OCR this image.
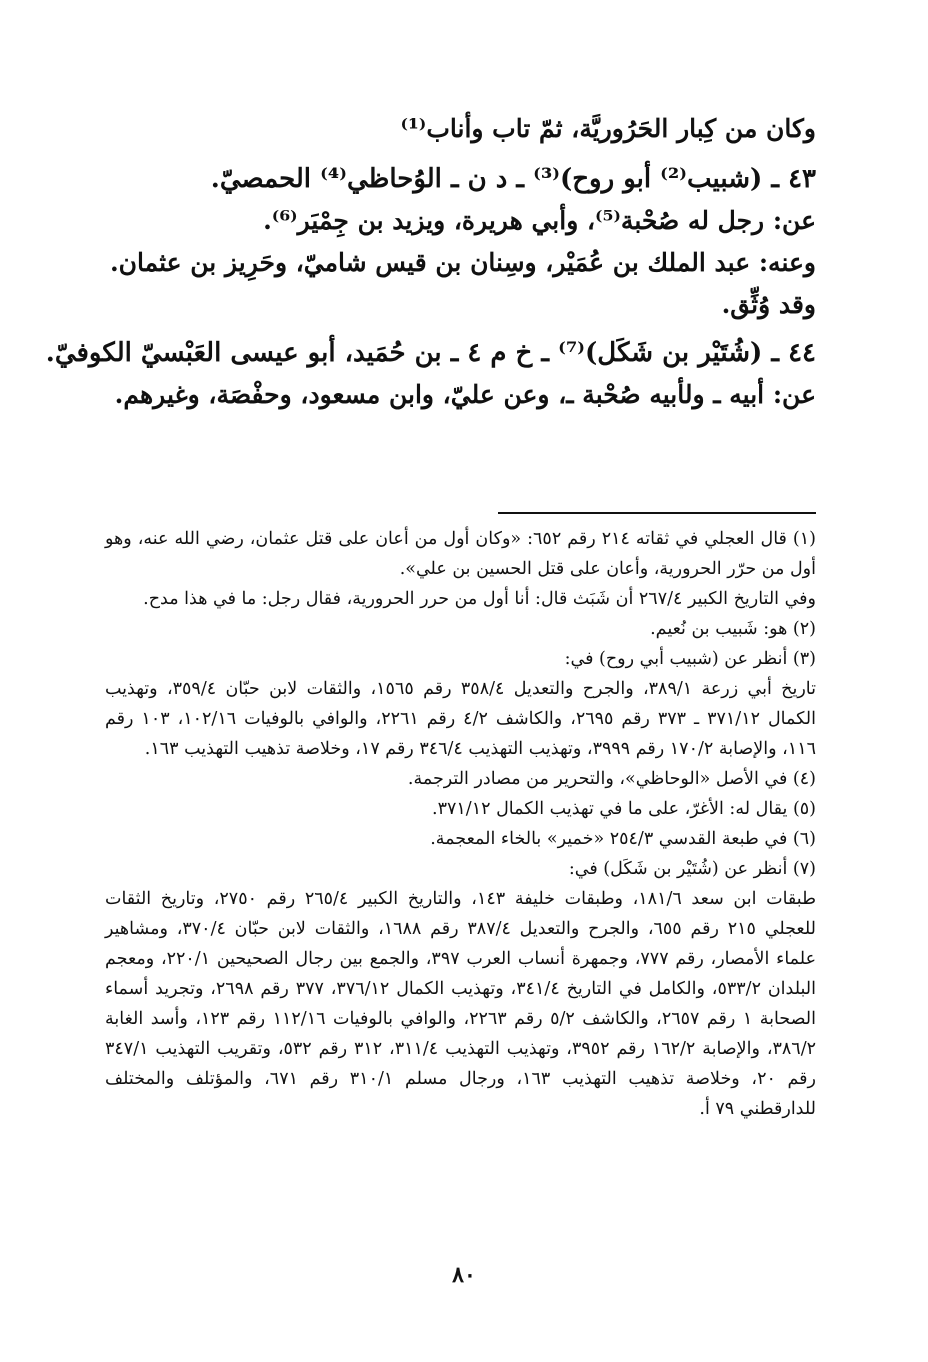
وكان من كِبار الحَرُوريَّة، ثمّ تاب وأناب⁽¹⁾

٤٣ ـ (شبيب⁽²⁾ أبو روح)⁽³⁾ ـ د ن ـ الوُحاظي⁽⁴⁾ الحمصيّ.

عن: رجل له صُحْبة⁽⁵⁾، وأبي هريرة، ويزيد بن جِمْيَر⁽⁶⁾.

وعنه: عبد الملك بن عُمَيْر، وسِنان بن قيس شاميّ، وحَرِيز بن عثمان.

وقد وُثِّق.

٤٤ ـ (شُتَيْر بن شَكَل)⁽⁷⁾ ـ خ م ٤ ـ بن حُمَيد، أبو عيسى العَبْسيّ الكوفيّ.

عن: أبيه ـ ولأبيه صُحْبة ـ، وعن عليّ، وابن مسعود، وحفْصَة، وغيرهم.

(١) قال العجلي في ثقاته ٢١٤ رقم ٦٥٢: «وكان أول من أعان على قتل عثمان، رضي الله عنه، وهو أول من حرّر الحرورية، وأعان على قتل الحسين بن علي».

وفي التاريخ الكبير ٢٦٧/٤ أن شَبَث قال: أنا أول من حرر الحرورية، فقال رجل: ما في هذا مدح.

(٢) هو: شَبيب بن نُعيم.

(٣) أنظر عن (شبيب أبي روح) في:

تاريخ أبي زرعة ٣٨٩/١، والجرح والتعديل ٣٥٨/٤ رقم ١٥٦٥، والثقات لابن حبّان ٣٥٩/٤، وتهذيب الكمال ٣٧١/١٢ ـ ٣٧٣ رقم ٢٦٩٥، والكاشف ٤/٢ رقم ٢٢٦١، والوافي بالوفيات ١٠٢/١٦، ١٠٣ رقم ١١٦، والإصابة ١٧٠/٢ رقم ٣٩٩٩، وتهذيب التهذيب ٣٤٦/٤ رقم ١٧، وخلاصة تذهيب التهذيب ١٦٣.

(٤) في الأصل «الوحاظي»، والتحرير من مصادر الترجمة.

(٥) يقال له: الأغرّ، على ما في تهذيب الكمال ٣٧١/١٢.

(٦) في طبعة القدسي ٢٥٤/٣ «خمير» بالخاء المعجمة.

(٧) أنظر عن (شُتَيْر بن شَكَل) في:

طبقات ابن سعد ١٨١/٦، وطبقات خليفة ١٤٣، والتاريخ الكبير ٢٦٥/٤ رقم ٢٧٥٠، وتاريخ الثقات للعجلي ٢١٥ رقم ٦٥٥، والجرح والتعديل ٣٨٧/٤ رقم ١٦٨٨، والثقات لابن حبّان ٣٧٠/٤، ومشاهير علماء الأمصار، رقم ٧٧٧، وجمهرة أنساب العرب ٣٩٧، والجمع بين رجال الصحيحين ٢٢٠/١، ومعجم البلدان ٥٣٣/٢، والكامل في التاريخ ٣٤١/٤، وتهذيب الكمال ٣٧٦/١٢، ٣٧٧ رقم ٢٦٩٨، وتجريد أسماء الصحابة ١ رقم ٢٦٥٧، والكاشف ٥/٢ رقم ٢٢٦٣، والوافي بالوفيات ١١٢/١٦ رقم ١٢٣، وأسد الغابة ٣٨٦/٢، والإصابة ١٦٢/٢ رقم ٣٩٥٢، وتهذيب التهذيب ٣١١/٤، ٣١٢ رقم ٥٣٢، وتقريب التهذيب ٣٤٧/١ رقم ٢٠، وخلاصة تذهيب التهذيب ١٦٣، ورجال مسلم ٣١٠/١ رقم ٦٧١، والمؤتلف والمختلف للدارقطني ٧٩ أ.

٨٠
